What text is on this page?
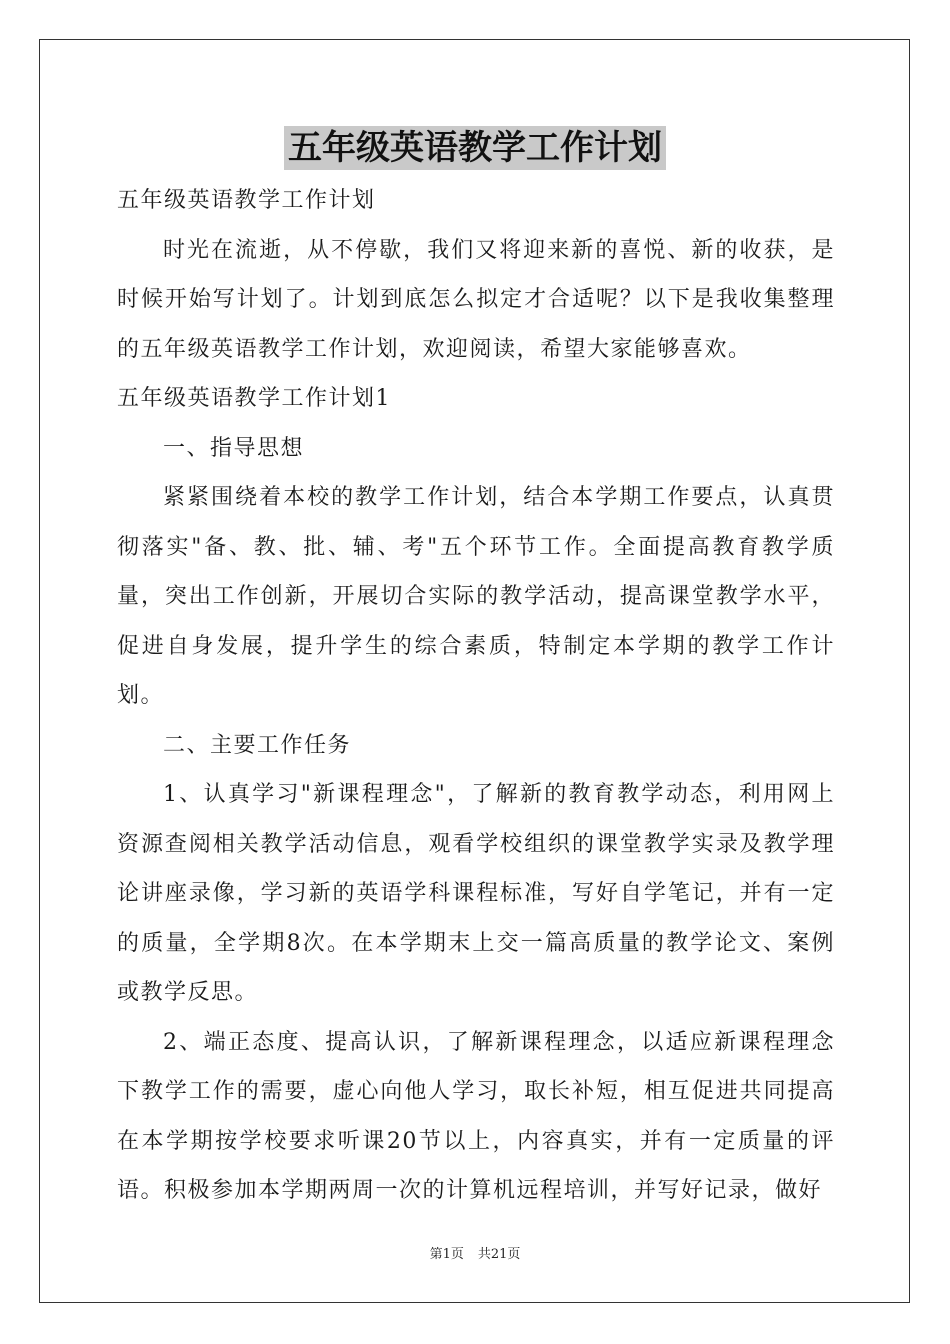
五年级英语教学工作计划

五年级英语教学工作计划

时光在流逝，从不停歇，我们又将迎来新的喜悦、新的收获，是时候开始写计划了。计划到底怎么拟定才合适呢？以下是我收集整理的五年级英语教学工作计划，欢迎阅读，希望大家能够喜欢。

五年级英语教学工作计划1

一、指导思想

紧紧围绕着本校的教学工作计划，结合本学期工作要点，认真贯彻落实"备、教、批、辅、考"五个环节工作。全面提高教育教学质量，突出工作创新，开展切合实际的教学活动，提高课堂教学水平，促进自身发展，提升学生的综合素质，特制定本学期的教学工作计划。

二、主要工作任务

1、认真学习"新课程理念"，了解新的教育教学动态，利用网上资源查阅相关教学活动信息，观看学校组织的课堂教学实录及教学理论讲座录像，学习新的英语学科课程标准，写好自学笔记，并有一定的质量，全学期8次。在本学期末上交一篇高质量的教学论文、案例或教学反思。

2、端正态度、提高认识，了解新课程理念，以适应新课程理念下教学工作的需要，虚心向他人学习，取长补短，相互促进共同提高在本学期按学校要求听课20节以上，内容真实，并有一定质量的评语。积极参加本学期两周一次的计算机远程培训，并写好记录，做好

第1页 共21页
